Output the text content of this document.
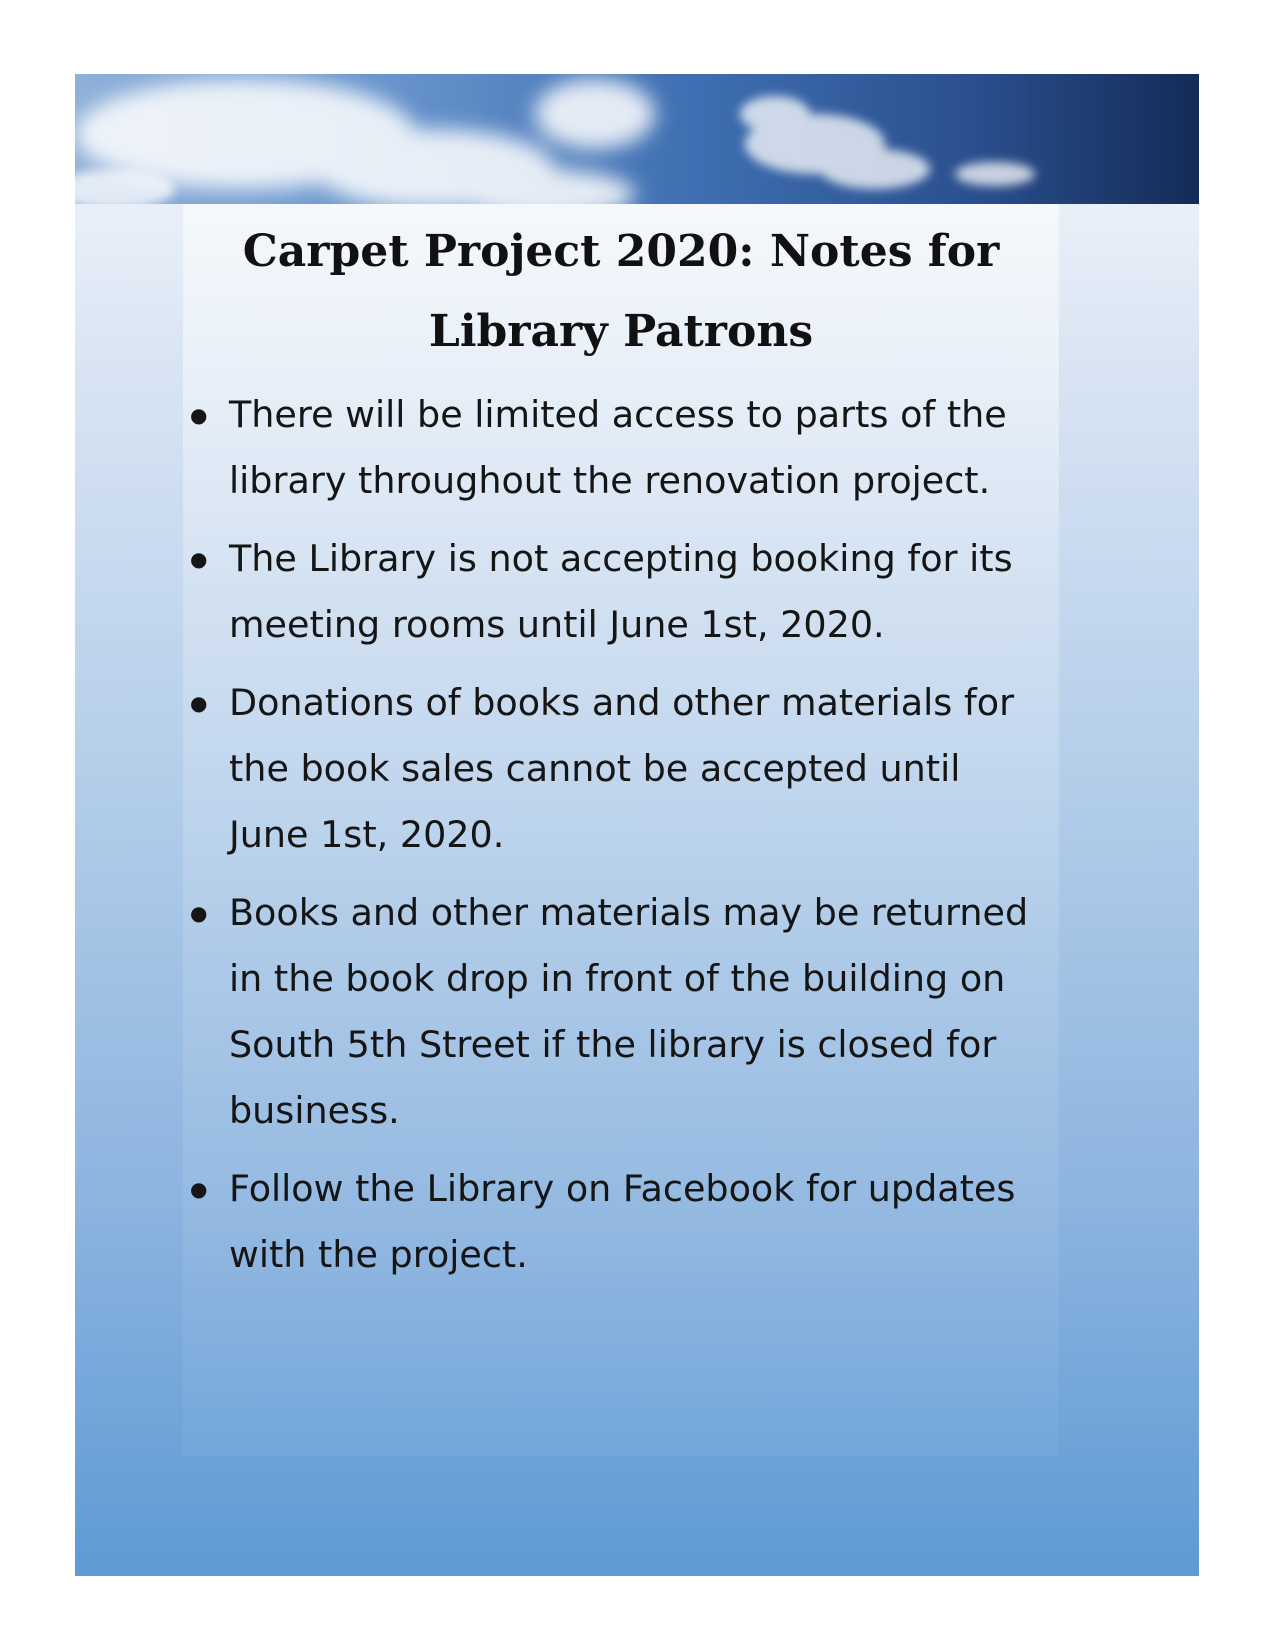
Carpet Project 2020: Notes for Library Patrons
● There will be limited access to parts of the library throughout the renovation project.
● The Library is not accepting booking for its meeting rooms until June 1st, 2020.
● Donations of books and other materials for the book sales cannot be accepted until June 1st, 2020.
● Books and other materials may be returned in the book drop in front of the building on South 5th Street if the library is closed for business.
● Follow the Library on Facebook for updates with the project.
